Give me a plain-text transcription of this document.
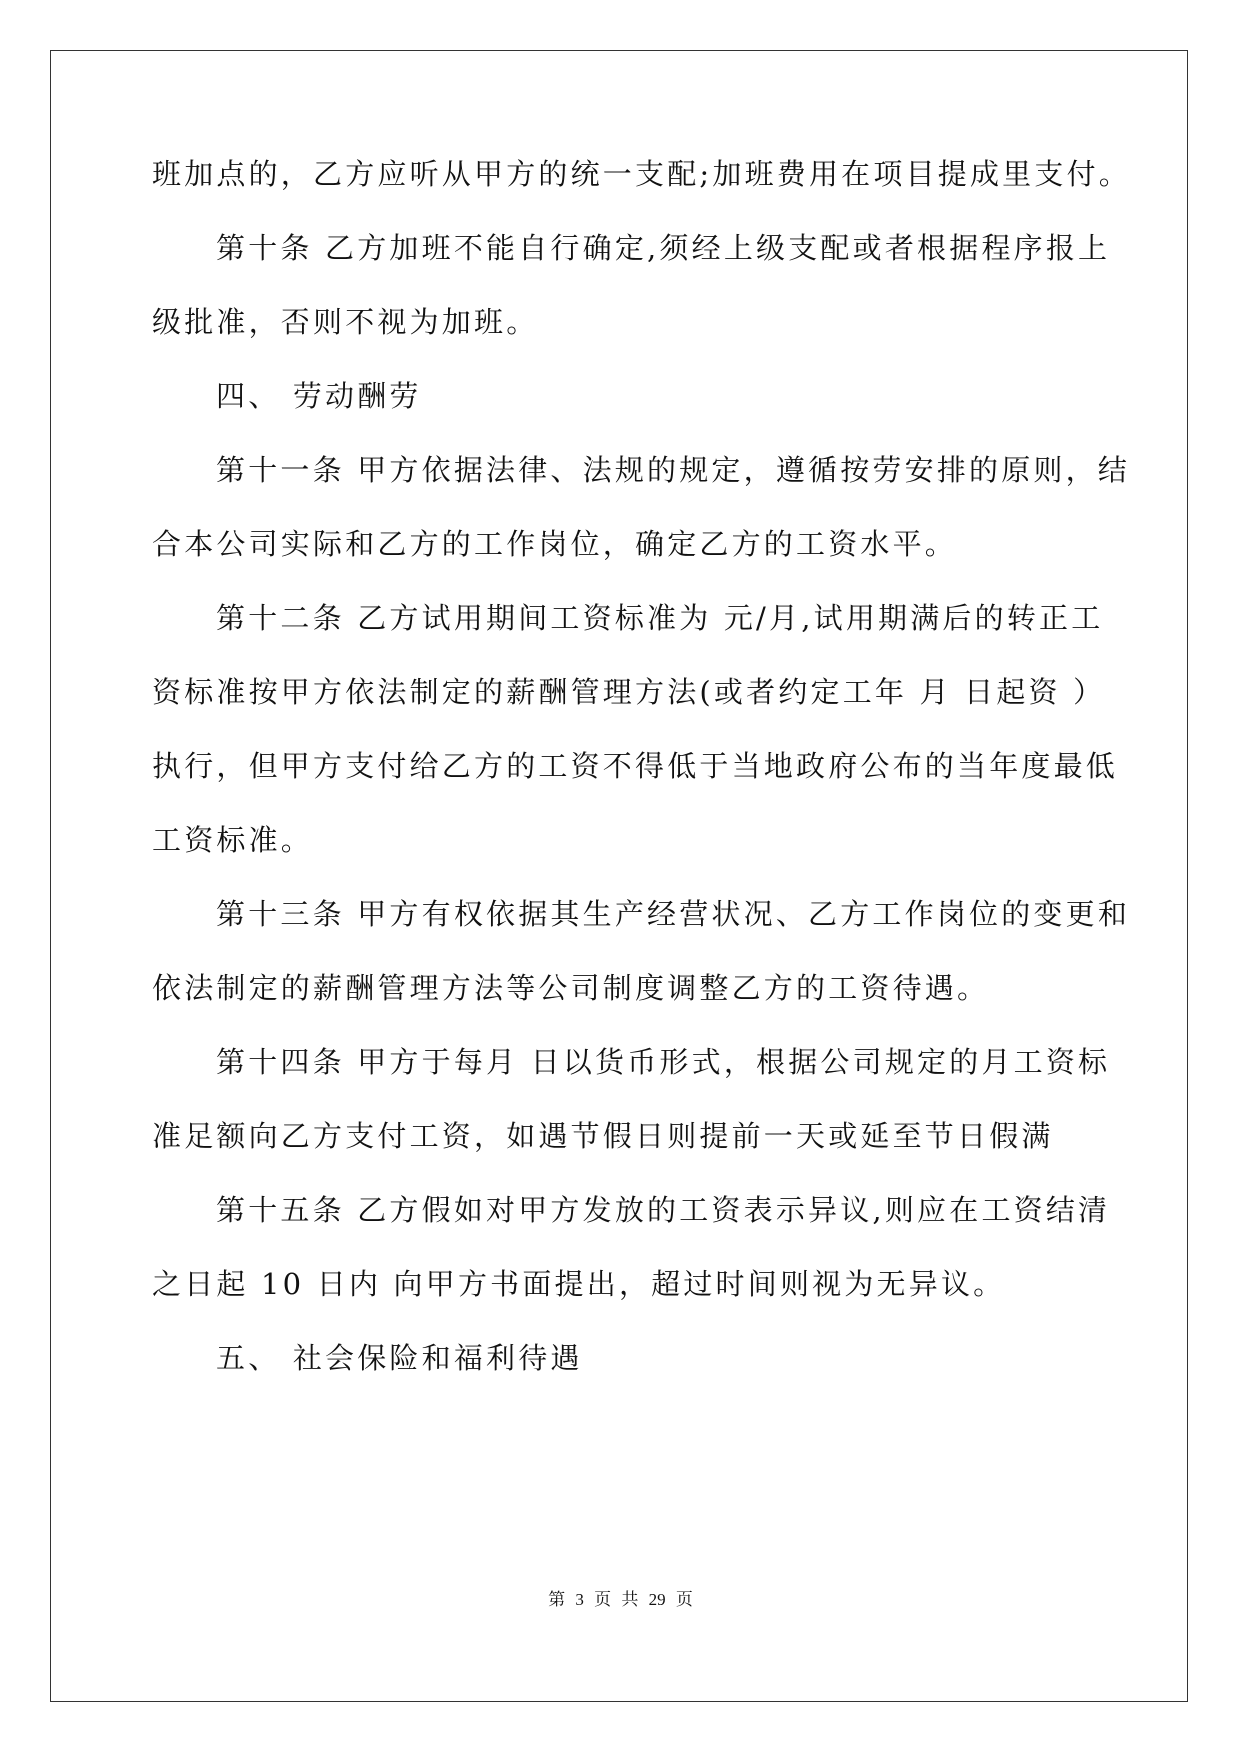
班加点的，乙方应听从甲方的统一支配;加班费用在项目提成里支付。
第十条 乙方加班不能自行确定,须经上级支配或者根据程序报上
级批准，否则不视为加班。
四、 劳动酬劳
第十一条 甲方依据法律、法规的规定，遵循按劳安排的原则，结
合本公司实际和乙方的工作岗位，确定乙方的工资水平。
第十二条 乙方试用期间工资标准为 元/月,试用期满后的转正工
资标准按甲方依法制定的薪酬管理方法(或者约定工年 月 日起资 ）
执行，但甲方支付给乙方的工资不得低于当地政府公布的当年度最低
工资标准。
第十三条 甲方有权依据其生产经营状况、乙方工作岗位的变更和
依法制定的薪酬管理方法等公司制度调整乙方的工资待遇。
第十四条 甲方于每月 日以货币形式，根据公司规定的月工资标
准足额向乙方支付工资，如遇节假日则提前一天或延至节日假满
第十五条 乙方假如对甲方发放的工资表示异议,则应在工资结清
之日起 10 日内 向甲方书面提出，超过时间则视为无异议。
五、 社会保险和福利待遇
第 3 页 共 29 页
